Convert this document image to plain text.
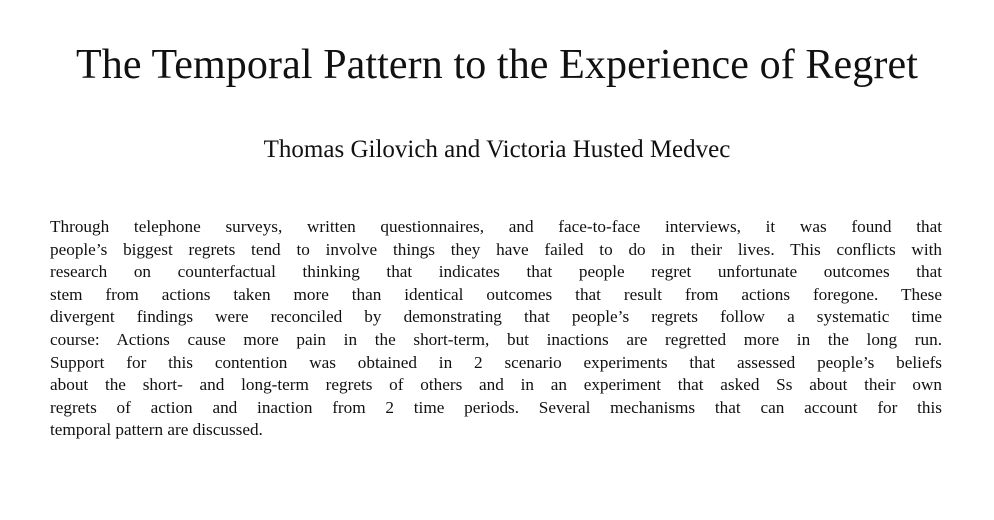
The Temporal Pattern to the Experience of Regret
Thomas Gilovich and Victoria Husted Medvec

Through telephone surveys, written questionnaires, and face-to-face interviews, it was found that
people’s biggest regrets tend to involve things they have failed to do in their lives. This conflicts with
research on counterfactual thinking that indicates that people regret unfortunate outcomes that
stem from actions taken more than identical outcomes that result from actions foregone. These
divergent findings were reconciled by demonstrating that people’s regrets follow a systematic time
course: Actions cause more pain in the short-term, but inactions are regretted more in the long run.
Support for this contention was obtained in 2 scenario experiments that assessed people’s beliefs
about the short- and long-term regrets of others and in an experiment that asked Ss about their own
regrets of action and inaction from 2 time periods. Several mechanisms that can account for this
temporal pattern are discussed.
